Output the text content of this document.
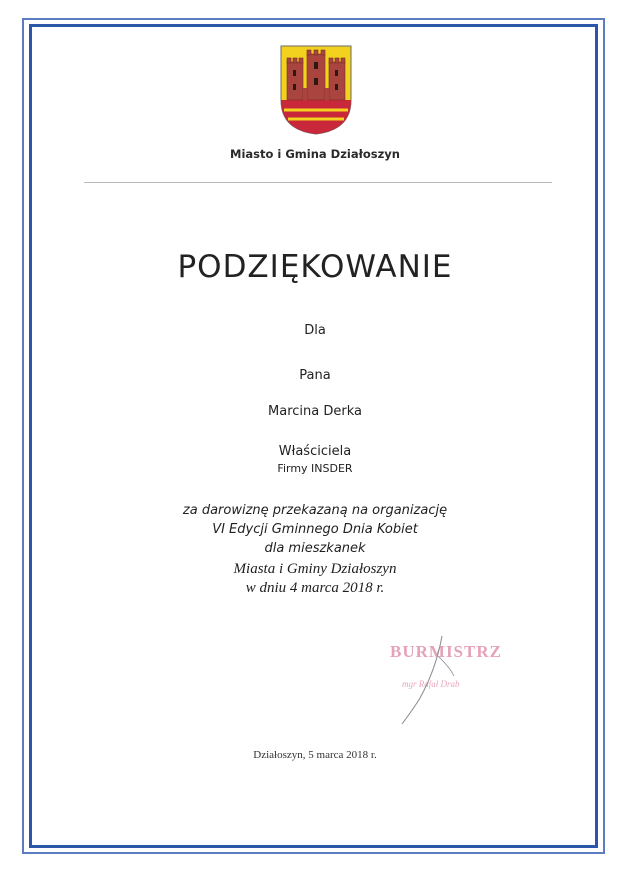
Miasto i Gmina Działoszyn
PODZIĘKOWANIE
Dla
Pana
Marcina Derka
Właściciela
Firmy INSDER
za darowiznę przekazaną na organizację
VI Edycji Gminnego Dnia Kobiet
dla mieszkanek
Miasta i Gminy Działoszyn
w dniu 4 marca 2018 r.
BURMISTRZ
mgr Rafał Drab
Działoszyn, 5 marca 2018 r.
